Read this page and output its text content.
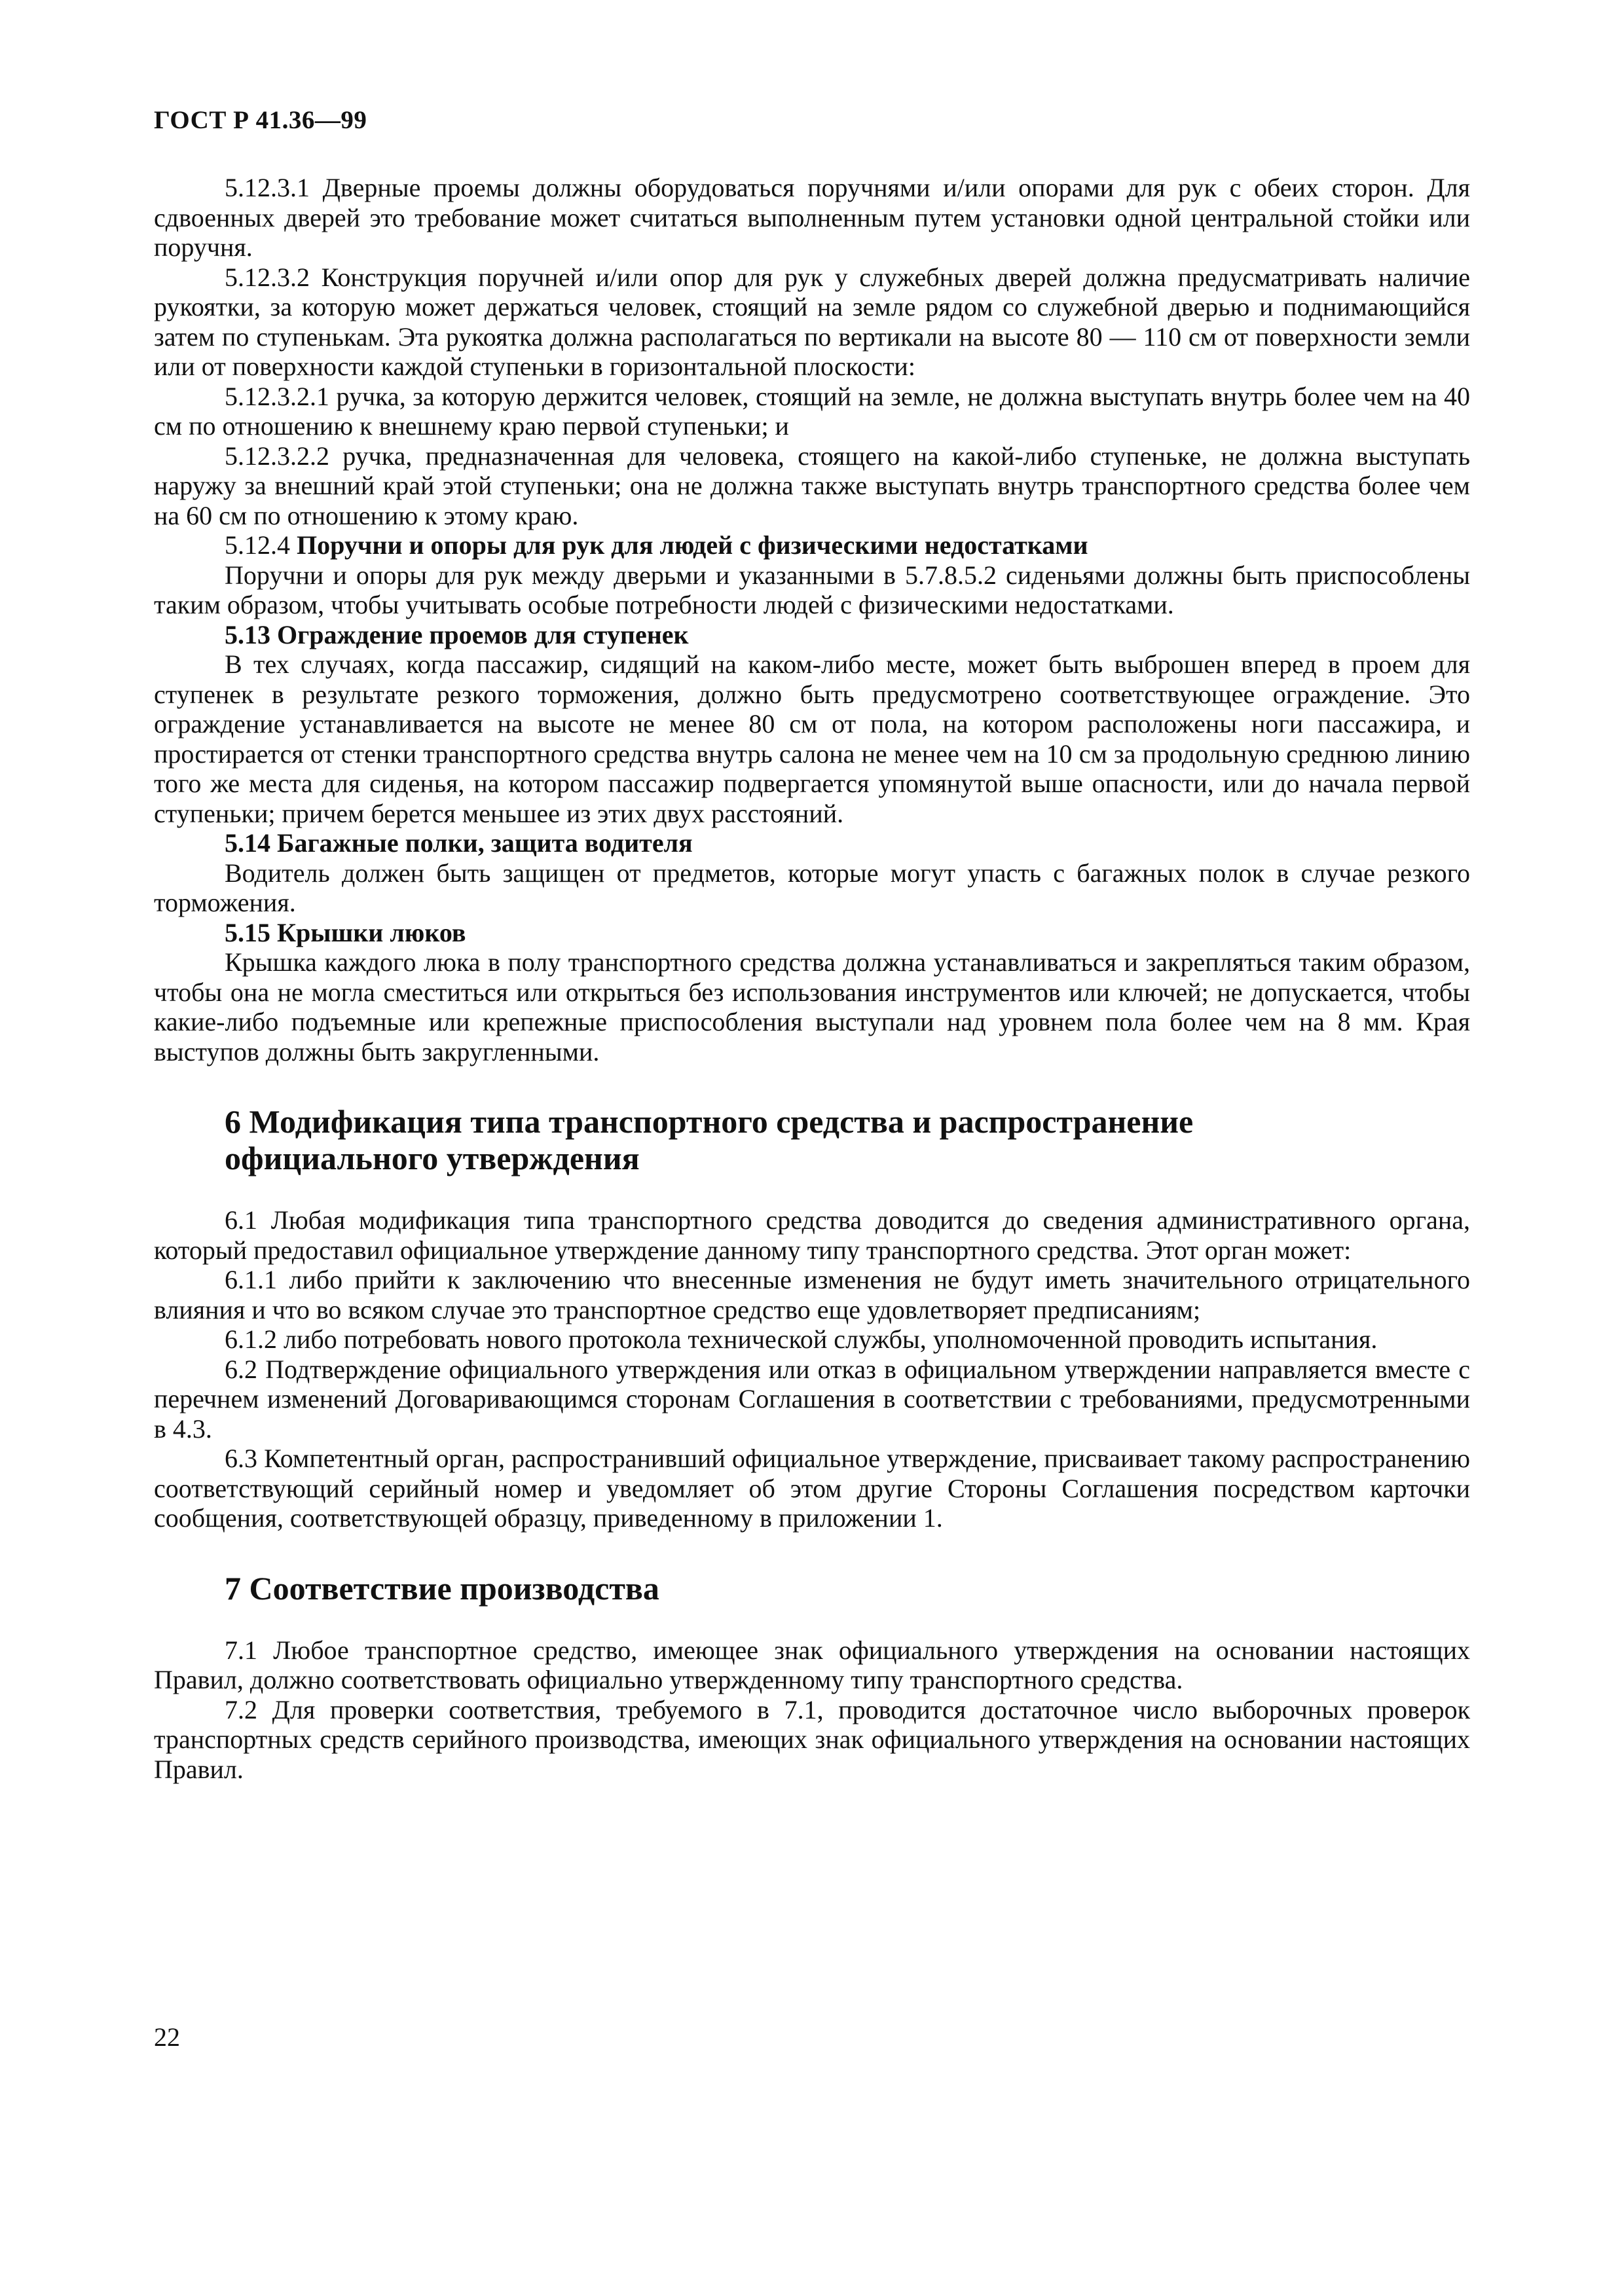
ГОСТ Р 41.36—99

5.12.3.1 Дверные проемы должны оборудоваться поручнями и/или опорами для рук с обеих сторон. Для сдвоенных дверей это требование может считаться выполненным путем установки одной центральной стойки или поручня.

5.12.3.2 Конструкция поручней и/или опор для рук у служебных дверей должна предусматривать наличие рукоятки, за которую может держаться человек, стоящий на земле рядом со служебной дверью и поднимающийся затем по ступенькам. Эта рукоятка должна располагаться по вертикали на высоте 80 — 110 см от поверхности земли или от поверхности каждой ступеньки в горизонтальной плоскости:

5.12.3.2.1 ручка, за которую держится человек, стоящий на земле, не должна выступать внутрь более чем на 40 см по отношению к внешнему краю первой ступеньки; и

5.12.3.2.2 ручка, предназначенная для человека, стоящего на какой-либо ступеньке, не должна выступать наружу за внешний край этой ступеньки; она не должна также выступать внутрь транспортного средства более чем на 60 см по отношению к этому краю.

5.12.4 Поручни и опоры для рук для людей с физическими недостатками

Поручни и опоры для рук между дверьми и указанными в 5.7.8.5.2 сиденьями должны быть приспособлены таким образом, чтобы учитывать особые потребности людей с физическими недостатками.

5.13 Ограждение проемов для ступенек

В тех случаях, когда пассажир, сидящий на каком-либо месте, может быть выброшен вперед в проем для ступенек в результате резкого торможения, должно быть предусмотрено соответствующее ограждение. Это ограждение устанавливается на высоте не менее 80 см от пола, на котором расположены ноги пассажира, и простирается от стенки транспортного средства внутрь салона не менее чем на 10 см за продольную среднюю линию того же места для сиденья, на котором пассажир подвергается упомянутой выше опасности, или до начала первой ступеньки; причем берется меньшее из этих двух расстояний.

5.14 Багажные полки, защита водителя

Водитель должен быть защищен от предметов, которые могут упасть с багажных полок в случае резкого торможения.

5.15 Крышки люков

Крышка каждого люка в полу транспортного средства должна устанавливаться и закрепляться таким образом, чтобы она не могла сместиться или открыться без использования инструментов или ключей; не допускается, чтобы какие-либо подъемные или крепежные приспособления выступали над уровнем пола более чем на 8 мм. Края выступов должны быть закругленными.

6 Модификация типа транспортного средства и распространение
официального утверждения

6.1 Любая модификация типа транспортного средства доводится до сведения административного органа, который предоставил официальное утверждение данному типу транспортного средства. Этот орган может:

6.1.1 либо прийти к заключению что внесенные изменения не будут иметь значительного отрицательного влияния и что во всяком случае это транспортное средство еще удовлетворяет предписаниям;

6.1.2 либо потребовать нового протокола технической службы, уполномоченной проводить испытания.

6.2 Подтверждение официального утверждения или отказ в официальном утверждении направляется вместе с перечнем изменений Договаривающимся сторонам Соглашения в соответствии с требованиями, предусмотренными в 4.3.

6.3 Компетентный орган, распространивший официальное утверждение, присваивает такому распространению соответствующий серийный номер и уведомляет об этом другие Стороны Соглашения посредством карточки сообщения, соответствующей образцу, приведенному в приложении 1.

7 Соответствие производства

7.1 Любое транспортное средство, имеющее знак официального утверждения на основании настоящих Правил, должно соответствовать официально утвержденному типу транспортного средства.

7.2 Для проверки соответствия, требуемого в 7.1, проводится достаточное число выборочных проверок транспортных средств серийного производства, имеющих знак официального утверждения на основании настоящих Правил.

22
